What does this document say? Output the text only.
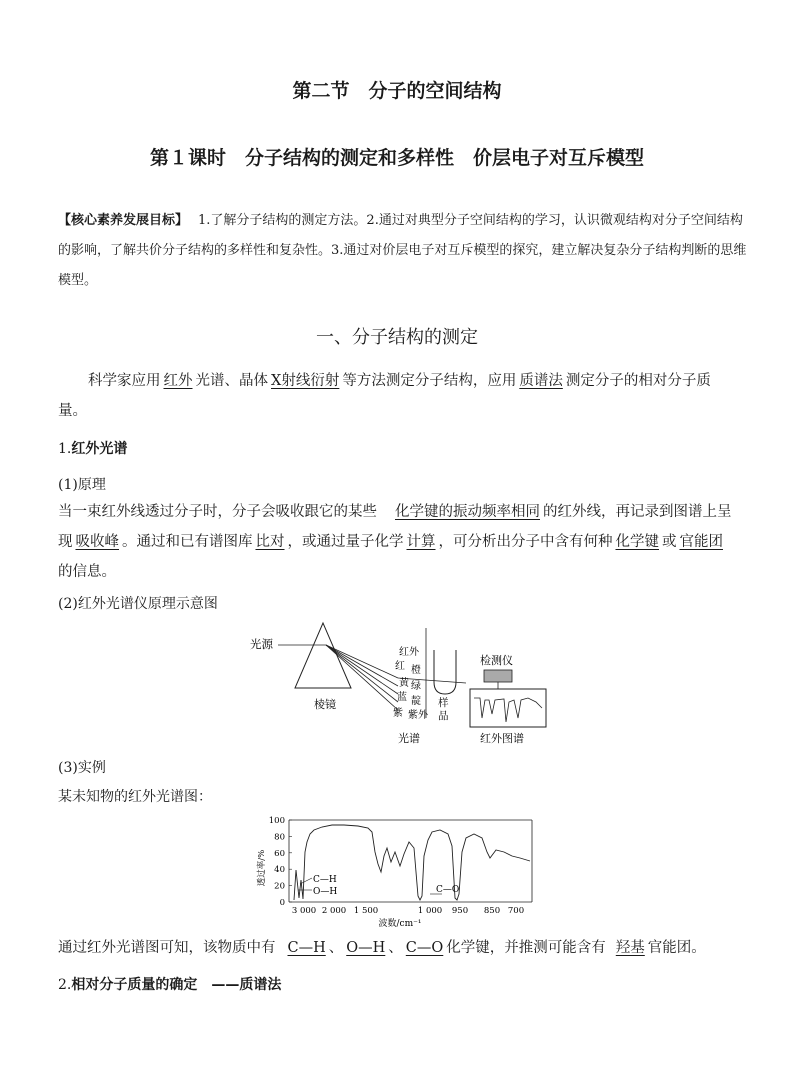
第二节　分子的空间结构
第１课时　分子结构的测定和多样性　价层电子对互斥模型
【核心素养发展目标】 1.了解分子结构的测定方法。2.通过对典型分子空间结构的学习，认识微观结构对分子空间结构的影响，了解共价分子结构的多样性和复杂性。3.通过对价层电子对互斥模型的探究，建立解决复杂分子结构判断的思维模型。
一、分子结构的测定
科学家应用 红外 光谱、晶体 X射线衍射 等方法测定分子结构，应用 质谱法 测定分子的相对分子质量。
1.红外光谱
(1)原理
当一束红外线透过分子时，分子会吸收跟它的某些 化学键的振动频率相同 的红外线，再记录到图谱上呈现 吸收峰 。通过和已有谱图库 比对 ，或通过量子化学 计算 ，可分析出分子中含有何种 化学键 或 官能团的信息。
(2)红外光谱仪原理示意图
光源
棱镜
红外
红 橙
黄 绿
蓝 靛
紫 紫外
光谱
样
品
检测仪
红外图谱
(3)实例
某未知物的红外光谱图：
透过率/%
0
20
40
60
80
100
3 000 2 000 1 500	1 000 950 850 700
C—H
O—H	C—O
波数/cm⁻¹
通过红外光谱图可知，该物质中有 C—H 、 O—H 、 C—O 化学键，并推测可能含有 羟基 官能团。
2.相对分子质量的确定　——质谱法
